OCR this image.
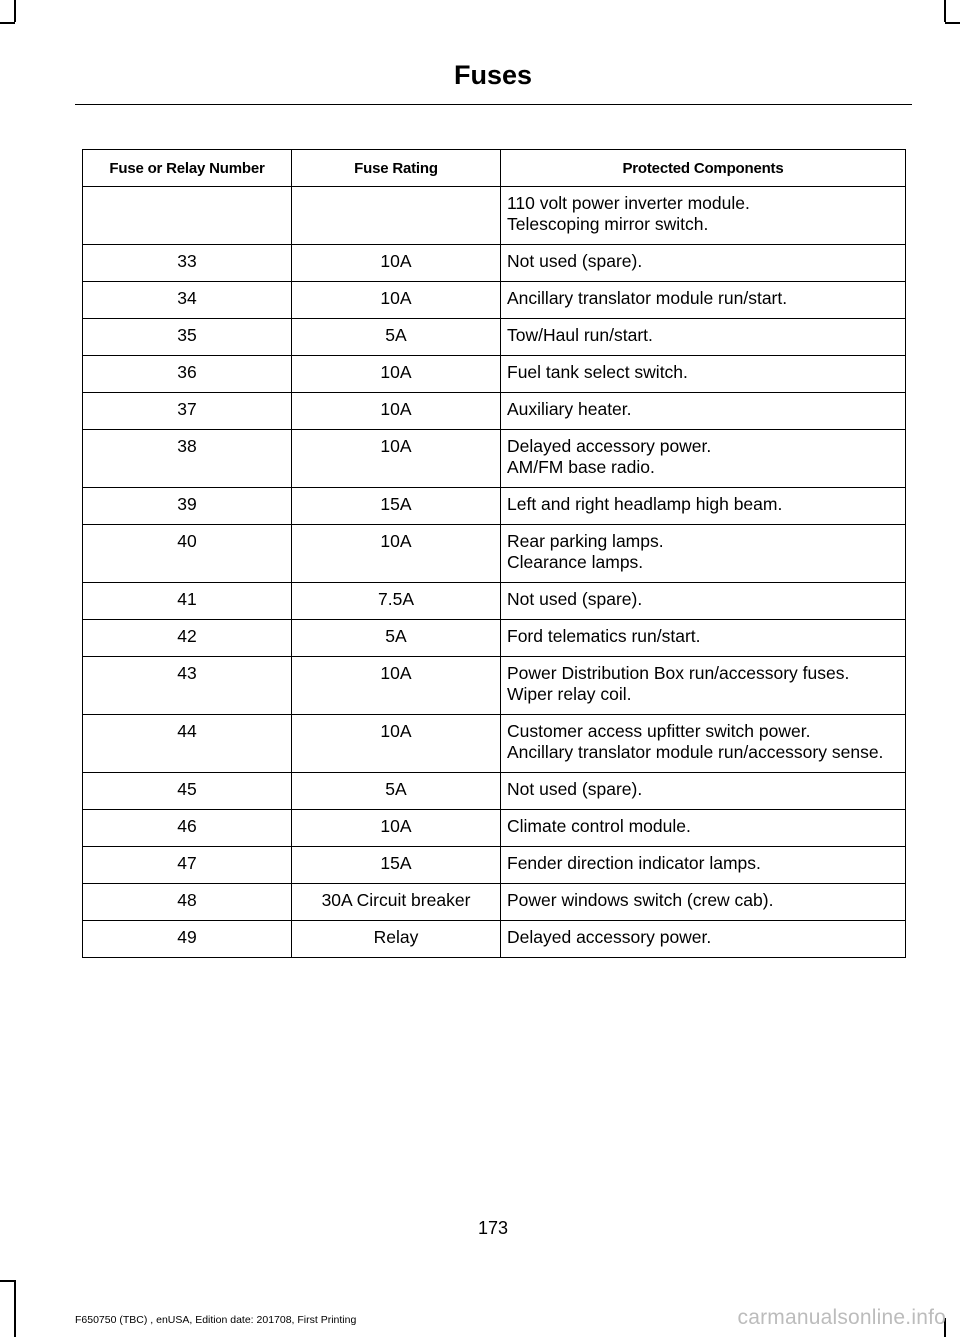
Fuses
Fuse or Relay Number	Fuse Rating	Protected Components

		110 volt power inverter module.
Telescoping mirror switch.

33	10A	Not used (spare).

34	10A	Ancillary translator module run/start.

35	5A	Tow/Haul run/start.

36	10A	Fuel tank select switch.

37	10A	Auxiliary heater.

38	10A	Delayed accessory power.
AM/FM base radio.

39	15A	Left and right headlamp high beam.

40	10A	Rear parking lamps.
Clearance lamps.

41	7.5A	Not used (spare).

42	5A	Ford telematics run/start.

43	10A	Power Distribution Box run/accessory fuses.
Wiper relay coil.

44	10A	Customer access upfitter switch power.
Ancillary translator module run/accessory sense.

45	5A	Not used (spare).

46	10A	Climate control module.

47	15A	Fender direction indicator lamps.

48	30A Circuit breaker	Power windows switch (crew cab).

49	Relay	Delayed accessory power.
173
F650750 (TBC) , enUSA, Edition date: 201708, First Printing	carmanualsonline.info
